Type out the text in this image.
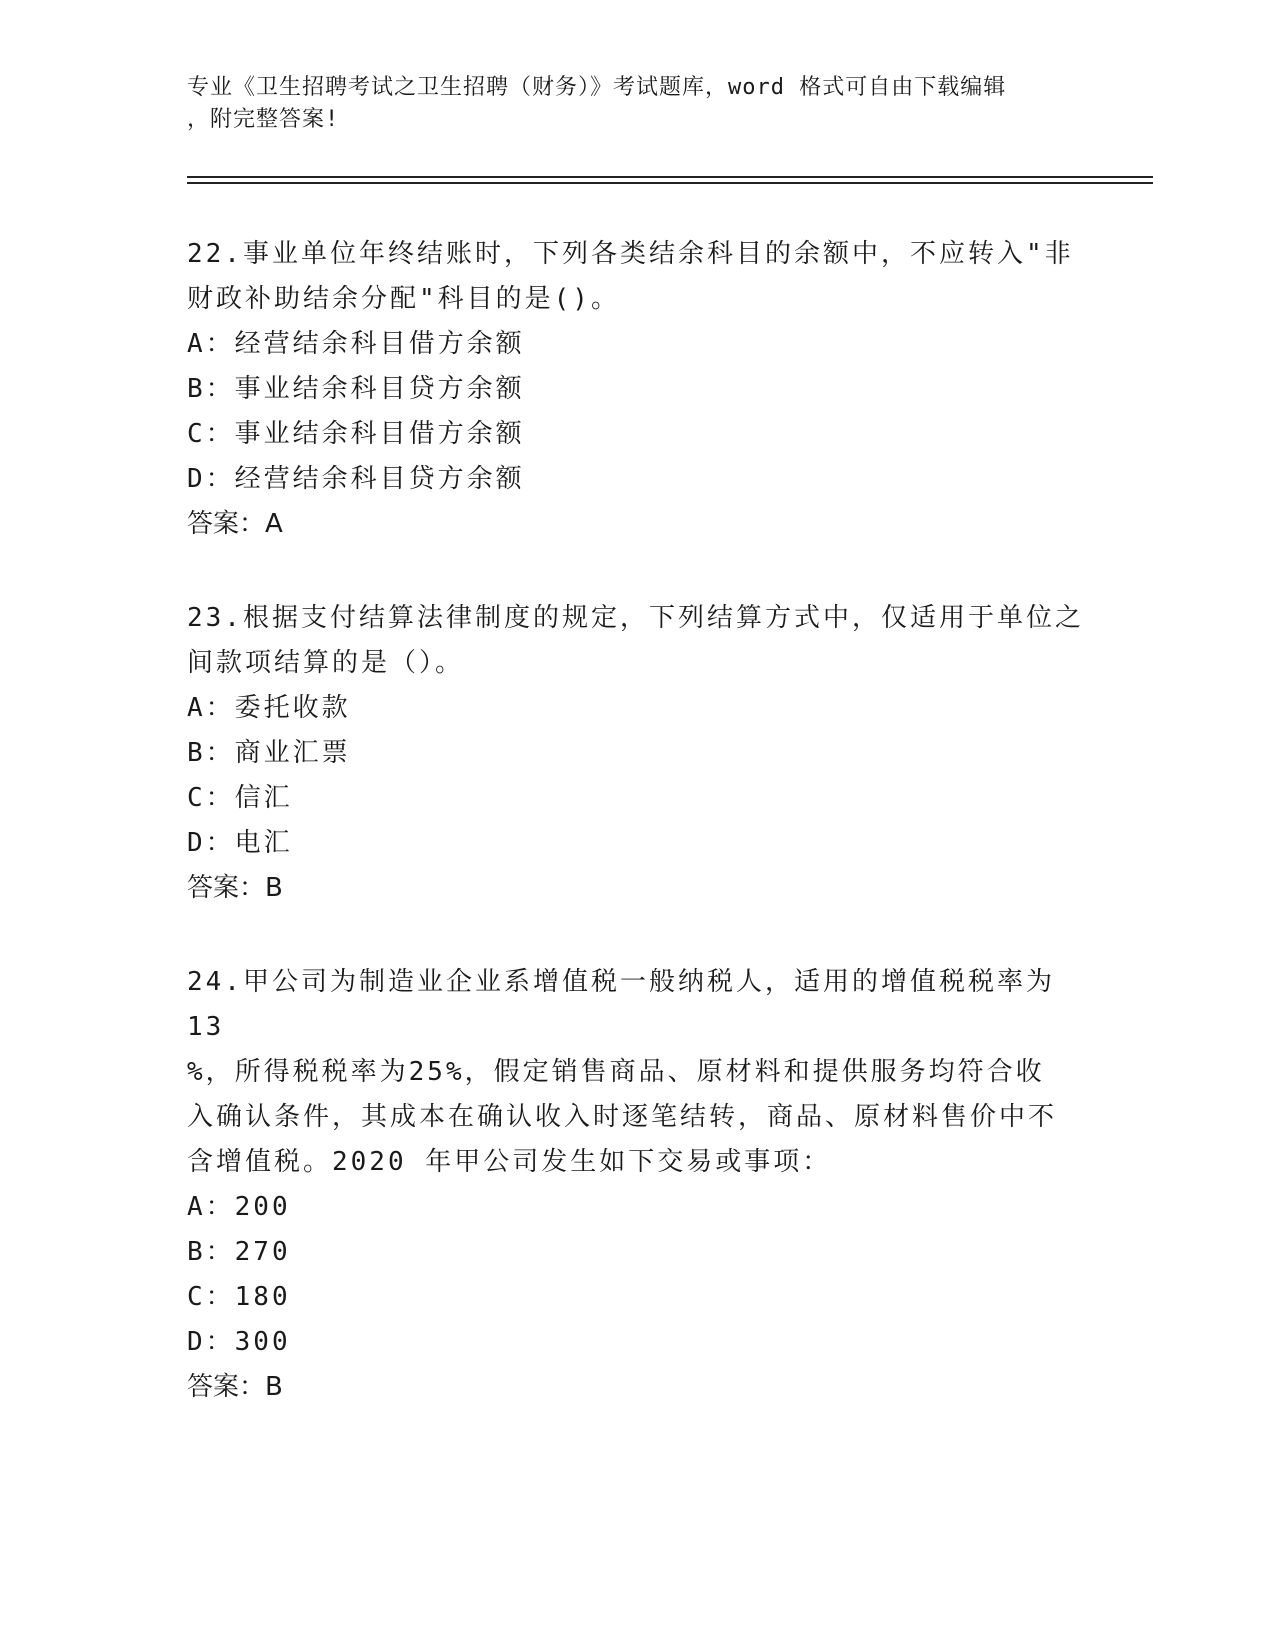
专业《卫生招聘考试之卫生招聘（财务）》考试题库，word 格式可自由下载编辑
，附完整答案!
22.事业单位年终结账时，下列各类结余科目的余额中，不应转入"非
财政补助结余分配"科目的是()。
A：经营结余科目借方余额
B：事业结余科目贷方余额
C：事业结余科目借方余额
D：经营结余科目贷方余额
答案：A
23.根据支付结算法律制度的规定，下列结算方式中，仅适用于单位之
间款项结算的是（）。
A：委托收款
B：商业汇票
C：信汇
D：电汇
答案：B
24.甲公司为制造业企业系增值税一般纳税人，适用的增值税税率为13
%，所得税税率为25%，假定销售商品、原材料和提供服务均符合收
入确认条件，其成本在确认收入时逐笔结转，商品、原材料售价中不
含增值税。2020 年甲公司发生如下交易或事项：
A：200
B：270
C：180
D：300
答案：B
